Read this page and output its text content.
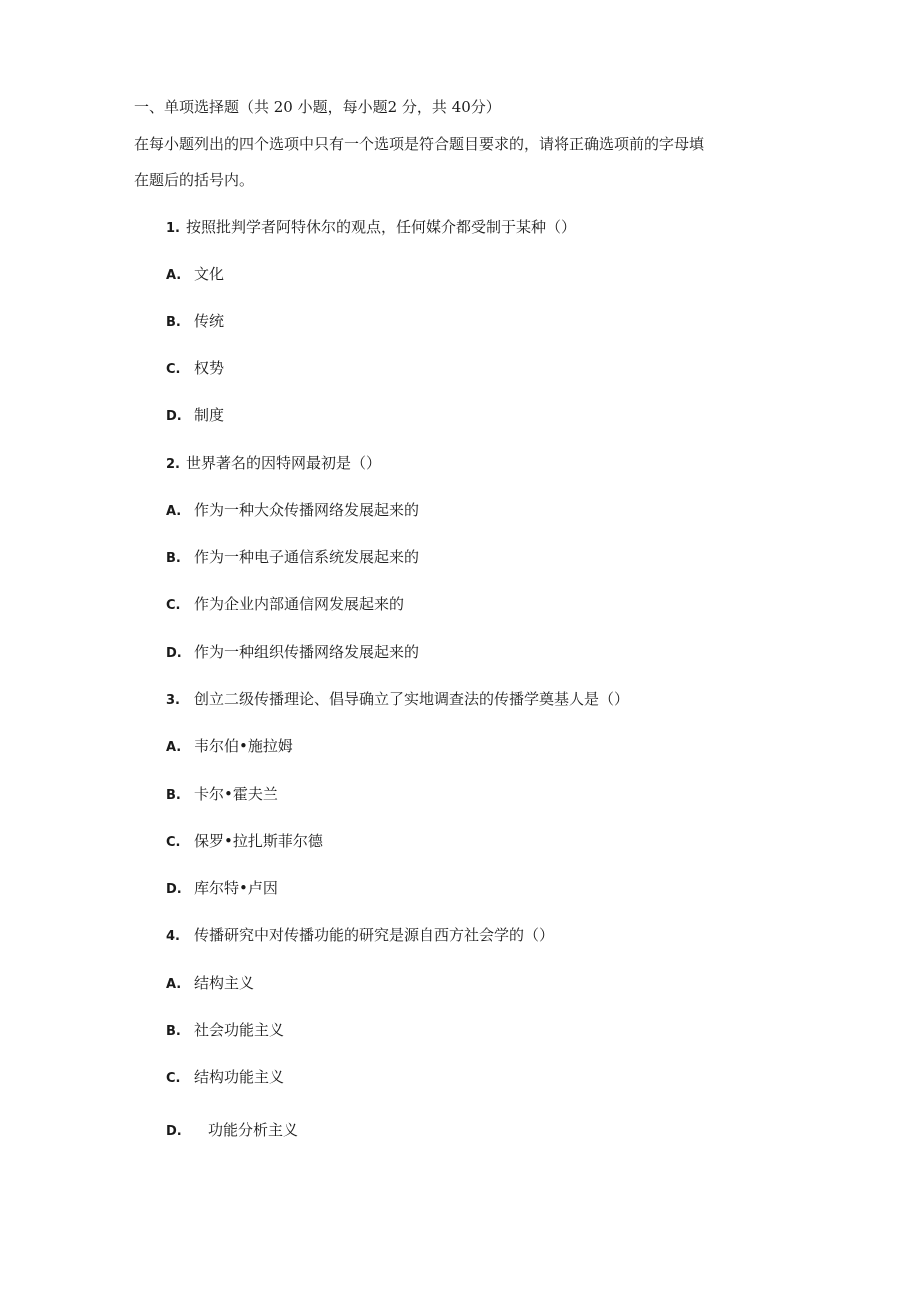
一、单项选择题（共 20 小题，每小题2 分，共 40分）
在每小题列出的四个选项中只有一个选项是符合题目要求的，请将正确选项前的字母填
在题后的括号内。
1. 按照批判学者阿特休尔的观点，任何媒介都受制于某种（）
A. 文化
B. 传统
C. 权势
D. 制度
2. 世界著名的因特网最初是（）
A. 作为一种大众传播网络发展起来的
B. 作为一种电子通信系统发展起来的
C. 作为企业内部通信网发展起来的
D. 作为一种组织传播网络发展起来的
3. 创立二级传播理论、倡导确立了实地调查法的传播学奠基人是（）
A. 韦尔伯•施拉姆
B. 卡尔•霍夫兰
C. 保罗•拉扎斯菲尔德
D. 库尔特•卢因
4. 传播研究中对传播功能的研究是源自西方社会学的（）
A. 结构主义
B. 社会功能主义
C. 结构功能主义
D. 功能分析主义
